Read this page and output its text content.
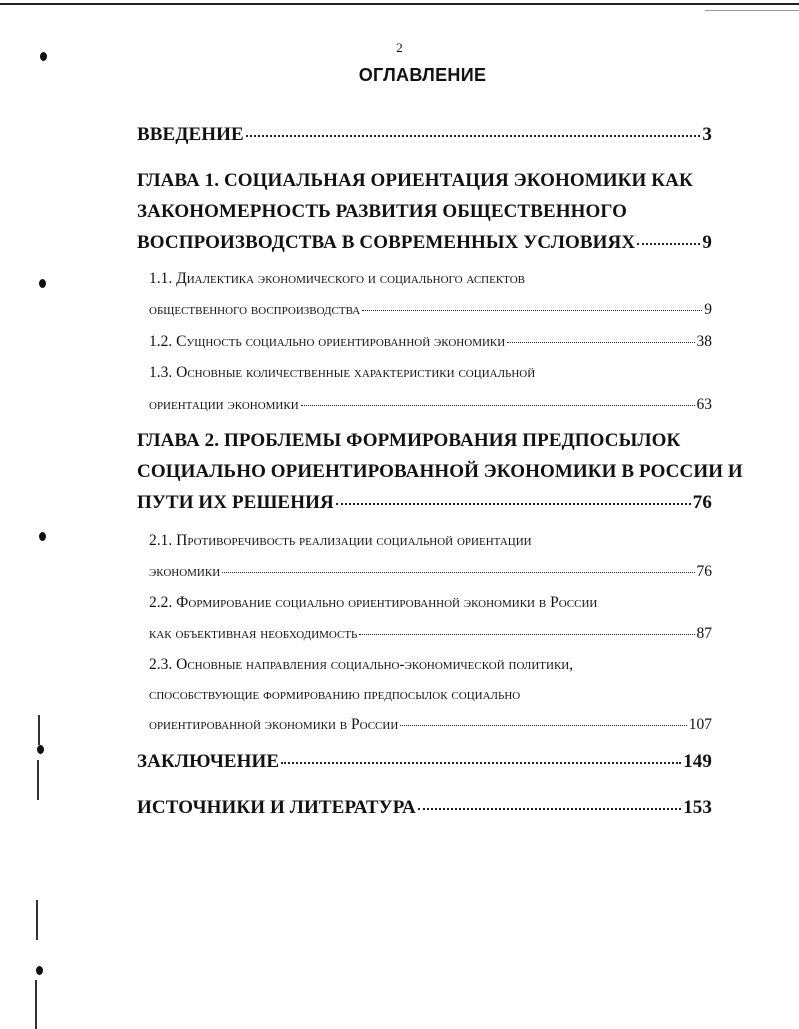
2
ОГЛАВЛЕНИЕ
ВВЕДЕНИЕ	3
ГЛАВА 1. СОЦИАЛЬНАЯ ОРИЕНТАЦИЯ ЭКОНОМИКИ КАК
ЗАКОНОМЕРНОСТЬ РАЗВИТИЯ ОБЩЕСТВЕННОГО
ВОСПРОИЗВОДСТВА В СОВРЕМЕННЫХ УСЛОВИЯХ	9
1.1. Диалектика экономического и социального аспектов
общественного воспроизводства	9
1.2. Сущность социально ориентированной экономики	38
1.3. Основные количественные характеристики социальной
ориентации экономики	63
ГЛАВА 2. ПРОБЛЕМЫ ФОРМИРОВАНИЯ ПРЕДПОСЫЛОК
СОЦИАЛЬНО ОРИЕНТИРОВАННОЙ ЭКОНОМИКИ В РОССИИ И
ПУТИ ИХ РЕШЕНИЯ	76
2.1. Противоречивость реализации социальной ориентации
экономики	76
2.2. Формирование социально ориентированной экономики в России
как объективная необходимость	87
2.3. Основные направления социально-экономической политики,
способствующие формированию предпосылок социально
ориентированной экономики в России	107
ЗАКЛЮЧЕНИЕ	149
ИСТОЧНИКИ И ЛИТЕРАТУРА	153
